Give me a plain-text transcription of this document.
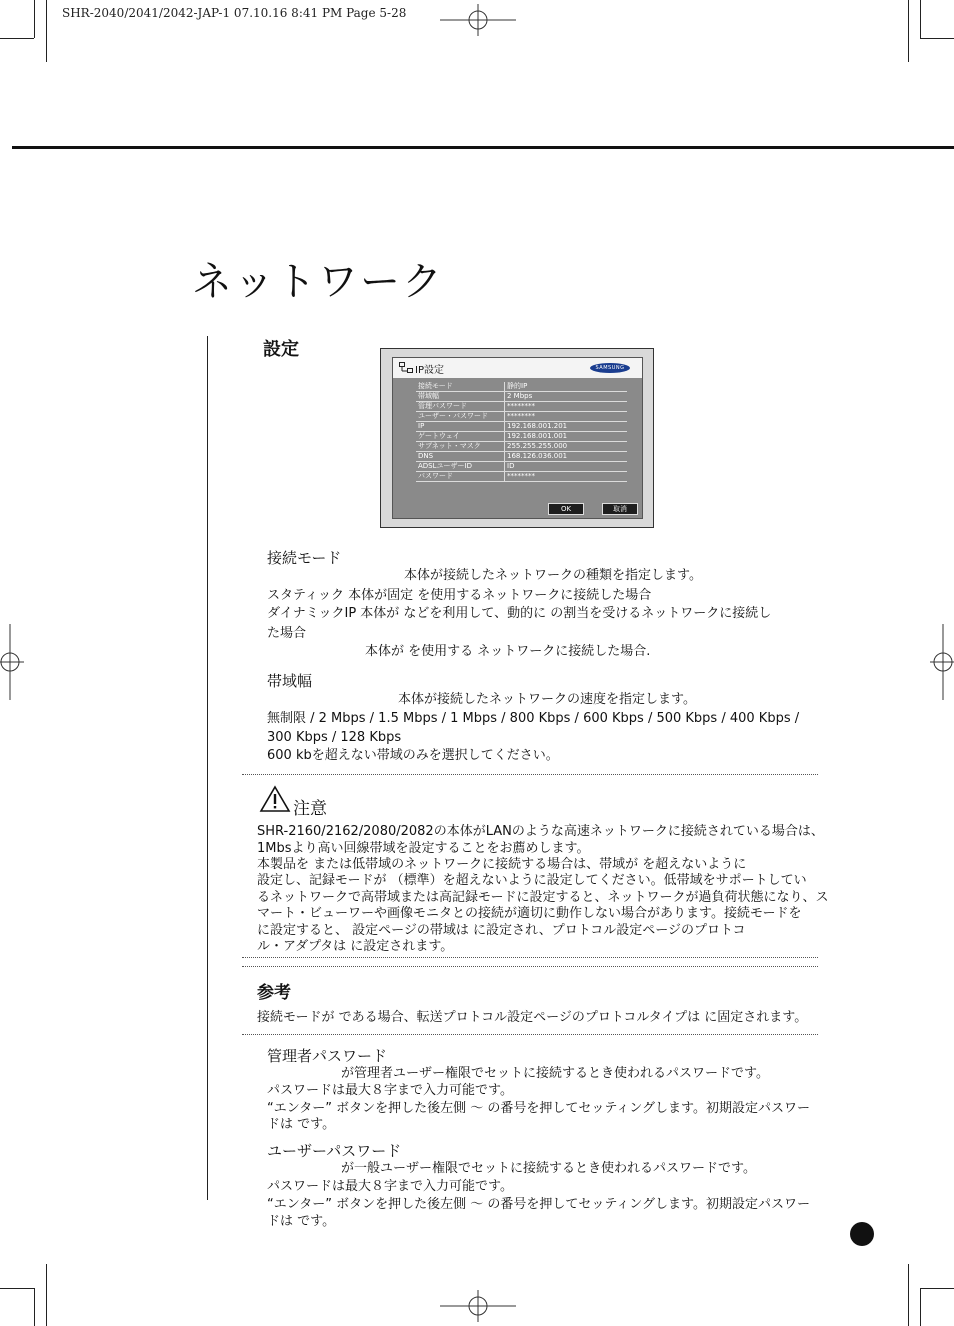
SHR-2040/2041/2042-JAP-1 07.10.16 8:41 PM Page 5-28
ネットワーク
設定
IP設定	SAMSUNG
接続モード	静的IP
帯域幅	2 Mbps
管理パスワード	********
ユーザー・パスワード	********
IP	192.168.001.201
ゲートウェイ	192.168.001.001
サブネット・マスク	255.255.255.000
DNS	168.126.036.001
ADSLユーザーID	ID
パスワード	********
OK	取消
接続モード
本体が接続したネットワークの種類を指定します。
スタティック 本体が固定 を使用するネットワークに接続した場合
ダイナミックIP 本体が などを利用して、動的に の割当を受けるネットワークに接続し
た場合
本体が を使用する ネットワークに接続した場合.
帯域幅
本体が接続したネットワークの速度を指定します。
無制限 / 2 Mbps / 1.5 Mbps / 1 Mbps / 800 Kbps / 600 Kbps / 500 Kbps / 400 Kbps /
300 Kbps / 128 Kbps
600 kbを超えない帯域のみを選択してください。
注意
SHR-2160/2162/2080/2082の本体がLANのような高速ネットワークに接続されている場合は、
1Mbsより高い回線帯域を設定することをお薦めします。
本製品を または低帯域のネットワークに接続する場合は、帯域が を超えないように
設定し、記録モードが （標準）を超えないように設定してください。低帯域をサポートしてい
るネットワークで高帯域または高記録モードに設定すると、ネットワークが過負荷状態になり、ス
マート・ビューワーや画像モニタとの接続が適切に動作しない場合があります。接続モードを
に設定すると、 設定ページの帯域は に設定され、プロトコル設定ページのプロトコ
ル・アダプタは に設定されます。
参考
接続モードが である場合、転送プロトコル設定ページのプロトコルタイプは に固定されます。
管理者パスワード
が管理者ユーザー権限でセットに接続するとき使われるパスワードです。
パスワードは最大８字まで入力可能です。
“エンター” ボタンを押した後左側 ～ の番号を押してセッティングします。初期設定パスワー
ドは です。
ユーザーパスワード
が一般ユーザー権限でセットに接続するとき使われるパスワードです。
パスワードは最大８字まで入力可能です。
“エンター” ボタンを押した後左側 ～ の番号を押してセッティングします。初期設定パスワー
ドは です。
